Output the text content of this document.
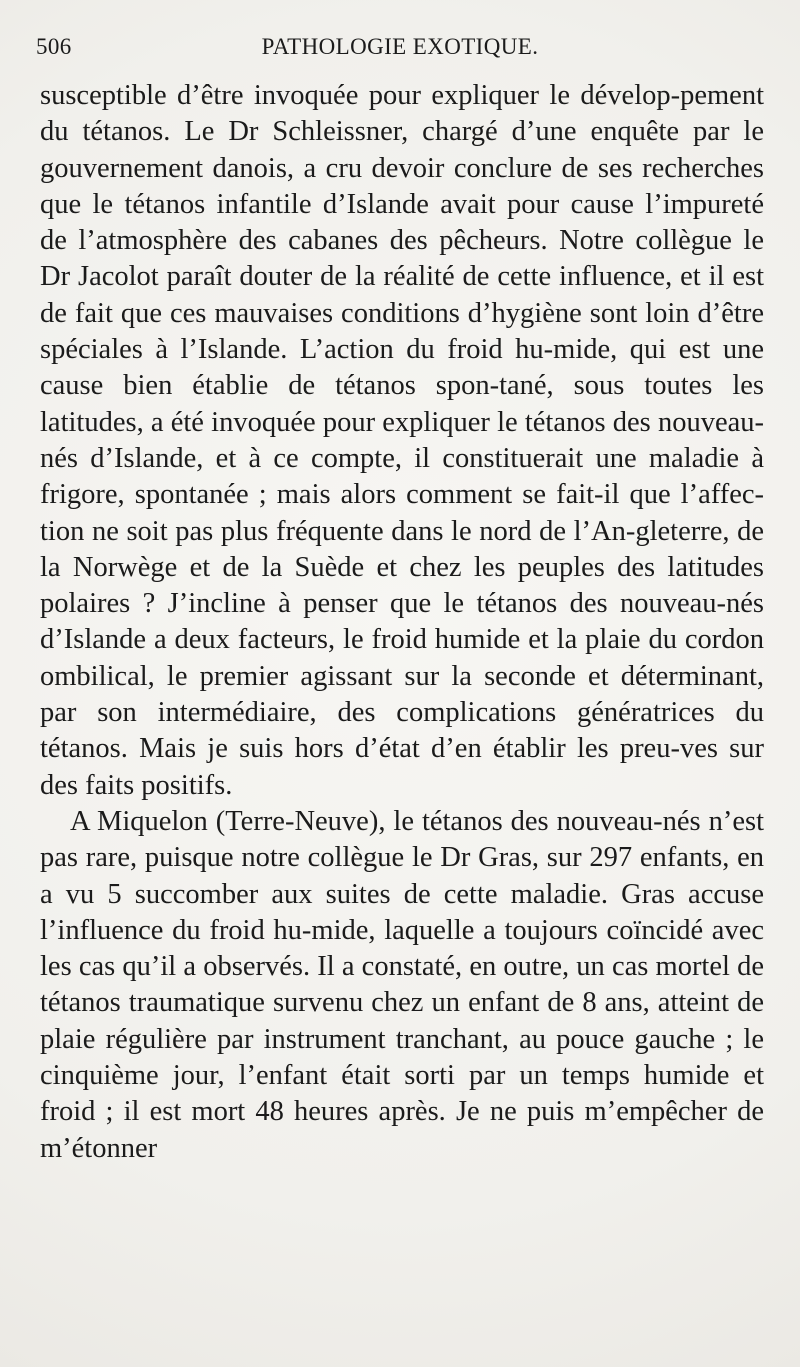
506	PATHOLOGIE EXOTIQUE.

susceptible d’être invoquée pour expliquer le dévelop-pement du tétanos. Le Dr Schleissner, chargé d’une enquête par le gouvernement danois, a cru devoir conclure de ses recherches que le tétanos infantile d’Islande avait pour cause l’impureté de l’atmosphère des cabanes des pêcheurs. Notre collègue le Dr Jacolot paraît douter de la réalité de cette influence, et il est de fait que ces mauvaises conditions d’hygiène sont loin d’être spéciales à l’Islande. L’action du froid hu-mide, qui est une cause bien établie de tétanos spon-tané, sous toutes les latitudes, a été invoquée pour expliquer le tétanos des nouveau-nés d’Islande, et à ce compte, il constituerait une maladie à frigore, spontanée ; mais alors comment se fait-il que l’affec-tion ne soit pas plus fréquente dans le nord de l’An-gleterre, de la Norwège et de la Suède et chez les peuples des latitudes polaires ? J’incline à penser que le tétanos des nouveau-nés d’Islande a deux facteurs, le froid humide et la plaie du cordon ombilical, le premier agissant sur la seconde et déterminant, par son intermédiaire, des complications génératrices du tétanos. Mais je suis hors d’état d’en établir les preu-ves sur des faits positifs.

A Miquelon (Terre-Neuve), le tétanos des nouveau-nés n’est pas rare, puisque notre collègue le Dr Gras, sur 297 enfants, en a vu 5 succomber aux suites de cette maladie. Gras accuse l’influence du froid hu-mide, laquelle a toujours coïncidé avec les cas qu’il a observés. Il a constaté, en outre, un cas mortel de tétanos traumatique survenu chez un enfant de 8 ans, atteint de plaie régulière par instrument tranchant, au pouce gauche ; le cinquième jour, l’enfant était sorti par un temps humide et froid ; il est mort 48 heures après. Je ne puis m’empêcher de m’étonner
